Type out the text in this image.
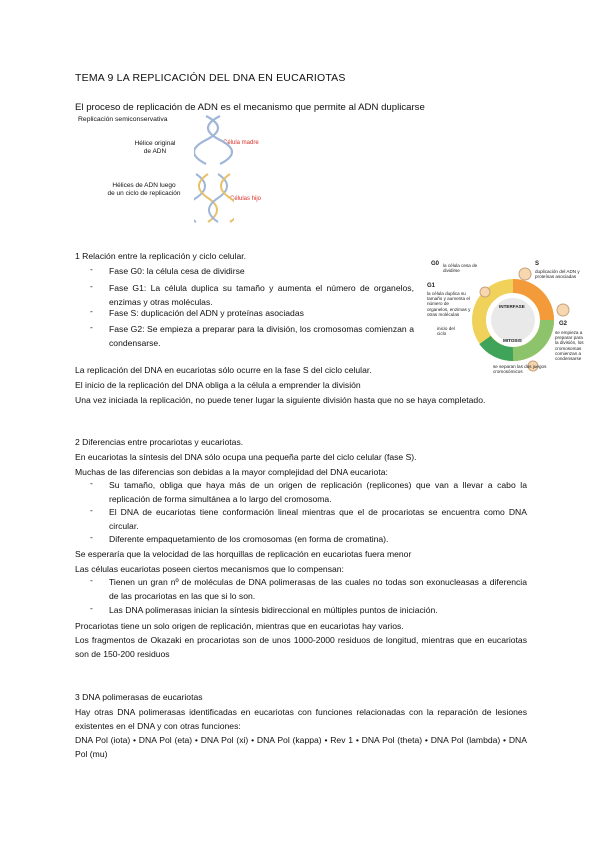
TEMA 9 LA REPLICACIÓN DEL DNA EN EUCARIOTAS
El proceso de replicación de ADN es el mecanismo que permite al ADN duplicarse
Replicación semiconservativa
Hélice original
de ADN
Hélices de ADN luego
de un ciclo de replicación
Célula madre
Células hijo
G0 la célula cesa de dividirse
S
duplicación del ADN y proteínas asociadas
G1
la célula duplica su tamaño y aumenta el número de organelos, enzimas y otras moléculas
G2
se empieza a preparar para la división, los cromosomas comienzan a condensarse
INTERFASE
MITOSIS
inicio del ciclo
se separan las dos juegos cromosómicos
1 Relación entre la replicación y ciclo celular.
- Fase G0: la célula cesa de dividirse
- Fase G1: La célula duplica su tamaño y aumenta el número de organelos, enzimas y otras moléculas.
- Fase S: duplicación del ADN y proteínas asociadas
- Fase G2: Se empieza a preparar para la división, los cromosomas comienzan a condensarse.
La replicación del DNA en eucariotas sólo ocurre en la fase S del ciclo celular.
El inicio de la replicación del DNA obliga a la célula a emprender la división
Una vez iniciada la replicación, no puede tener lugar la siguiente división hasta que no se haya completado.
2 Diferencias entre procariotas y eucariotas.
En eucariotas la síntesis del DNA sólo ocupa una pequeña parte del ciclo celular (fase S).
Muchas de las diferencias son debidas a la mayor complejidad del DNA eucariota:
- Su tamaño, obliga que haya más de un origen de replicación (replicones) que van a llevar a cabo la replicación de forma simultánea a lo largo del cromosoma.
- El DNA de eucariotas tiene conformación lineal mientras que el de procariotas se encuentra como DNA circular.
- Diferente empaquetamiento de los cromosomas (en forma de cromatina).
Se esperaría que la velocidad de las horquillas de replicación en eucariotas fuera menor
Las células eucariotas poseen ciertos mecanismos que lo compensan:
- Tienen un gran nº de moléculas de DNA polimerasas de las cuales no todas son exonucleasas a diferencia de las procariotas en las que si lo son.
- Las DNA polimerasas inician la síntesis bidireccional en múltiples puntos de iniciación.
Procariotas tiene un solo origen de replicación, mientras que en eucariotas hay varios.
Los fragmentos de Okazaki en procariotas son de unos 1000-2000 residuos de longitud, mientras que en eucariotas son de 150-200 residuos
3 DNA polimerasas de eucariotas
Hay otras DNA polimerasas identificadas en eucariotas con funciones relacionadas con la reparación de lesiones existentes en el DNA y con otras funciones:
DNA Pol (iota) • DNA Pol (eta) • DNA Pol (xi) • DNA Pol (kappa) • Rev 1 • DNA Pol (theta) • DNA Pol (lambda) • DNA Pol (mu)
